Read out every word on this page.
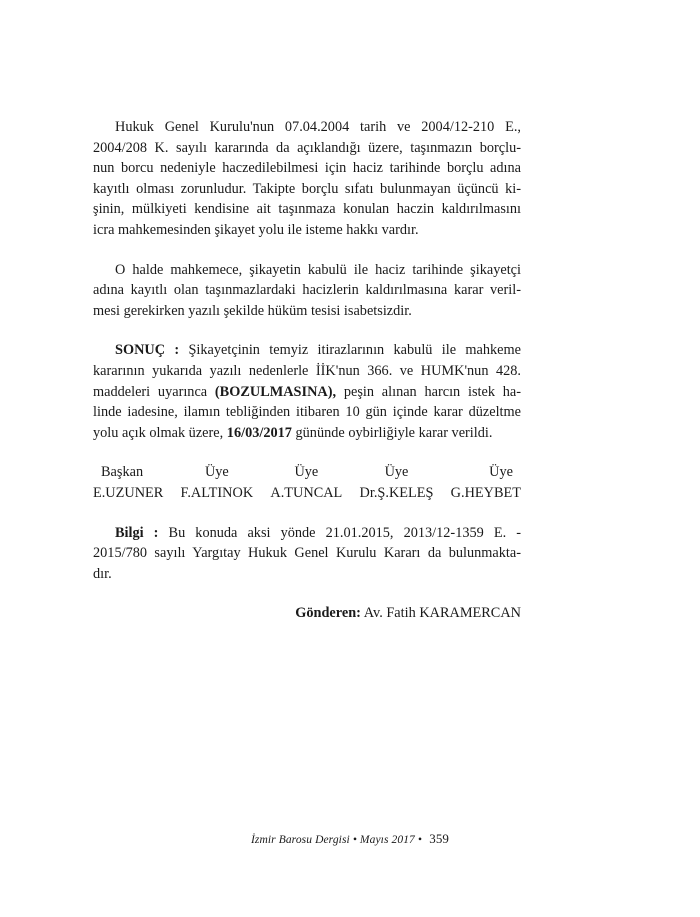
Hukuk Genel Kurulu'nun 07.04.2004 tarih ve 2004/12-210 E.,
2004/208 K. sayılı kararında da açıklandığı üzere, taşınmazın borçlu-
nun borcu nedeniyle haczedilebilmesi için haciz tarihinde borçlu adına
kayıtlı olması zorunludur. Takipte borçlu sıfatı bulunmayan üçüncü ki-
şinin, mülkiyeti kendisine ait taşınmaza konulan haczin kaldırılmasını
icra mahkemesinden şikayet yolu ile isteme hakkı vardır.
O halde mahkemece, şikayetin kabulü ile haciz tarihinde şikayetçi
adına kayıtlı olan taşınmazlardaki hacizlerin kaldırılmasına karar veril-
mesi gerekirken yazılı şekilde hüküm tesisi isabetsizdir.
SONUÇ : Şikayetçinin temyiz itirazlarının kabulü ile mahkeme
kararının yukarıda yazılı nedenlerle İİK'nun 366. ve HUMK'nun 428.
maddeleri uyarınca (BOZULMASINA), peşin alınan harcın istek ha-
linde iadesine, ilamın tebliğinden itibaren 10 gün içinde karar düzeltme
yolu açık olmak üzere, 16/03/2017 gününde oybirliğiyle karar verildi.
Başkan
E.UZUNER
Üye
F.ALTINOK
Üye
A.TUNCAL
Üye
Dr.Ş.KELEŞ
Üye
G.HEYBET
Bilgi : Bu konuda aksi yönde 21.01.2015, 2013/12-1359 E. -
2015/780 sayılı Yargıtay Hukuk Genel Kurulu Kararı da bulunmakta-
dır.
Gönderen: Av. Fatih KARAMERCAN
İzmir Barosu Dergisi • Mayıs 2017 • 359
